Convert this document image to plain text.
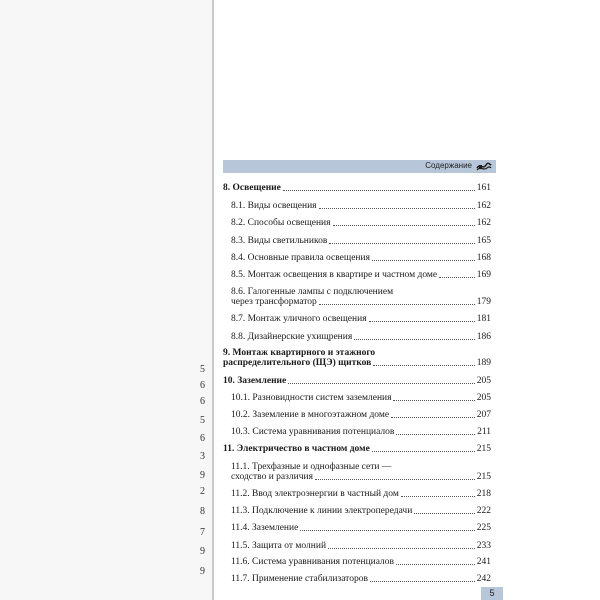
5
6
6
5
6
3
9
2
8
7
9
9
Содержание
8. Освещение	161
8.1. Виды освещения	162
8.2. Способы освещения	162
8.3. Виды светильников	165
8.4. Основные правила освещения	168
8.5. Монтаж освещения в квартире и частном доме	169
8.6. Галогенные лампы с подключением
через трансформатор	179
8.7. Монтаж уличного освещения	181
8.8. Дизайнерские ухищрения	186
9. Монтаж квартирного и этажного
распределительного (ЩЭ) щитков	189
10. Заземление	205
10.1. Разновидности систем заземления	205
10.2. Заземление в многоэтажном доме	207
10.3. Система уравнивания потенциалов	211
11. Электричество в частном доме	215
11.1. Трехфазные и однофазные сети —
сходство и различия	215
11.2. Ввод электроэнергии в частный дом	218
11.3. Подключение к линии электропередачи	222
11.4. Заземление	225
11.5. Защита от молний	233
11.6. Система уравнивания потенциалов	241
11.7. Применение стабилизаторов	242
5
